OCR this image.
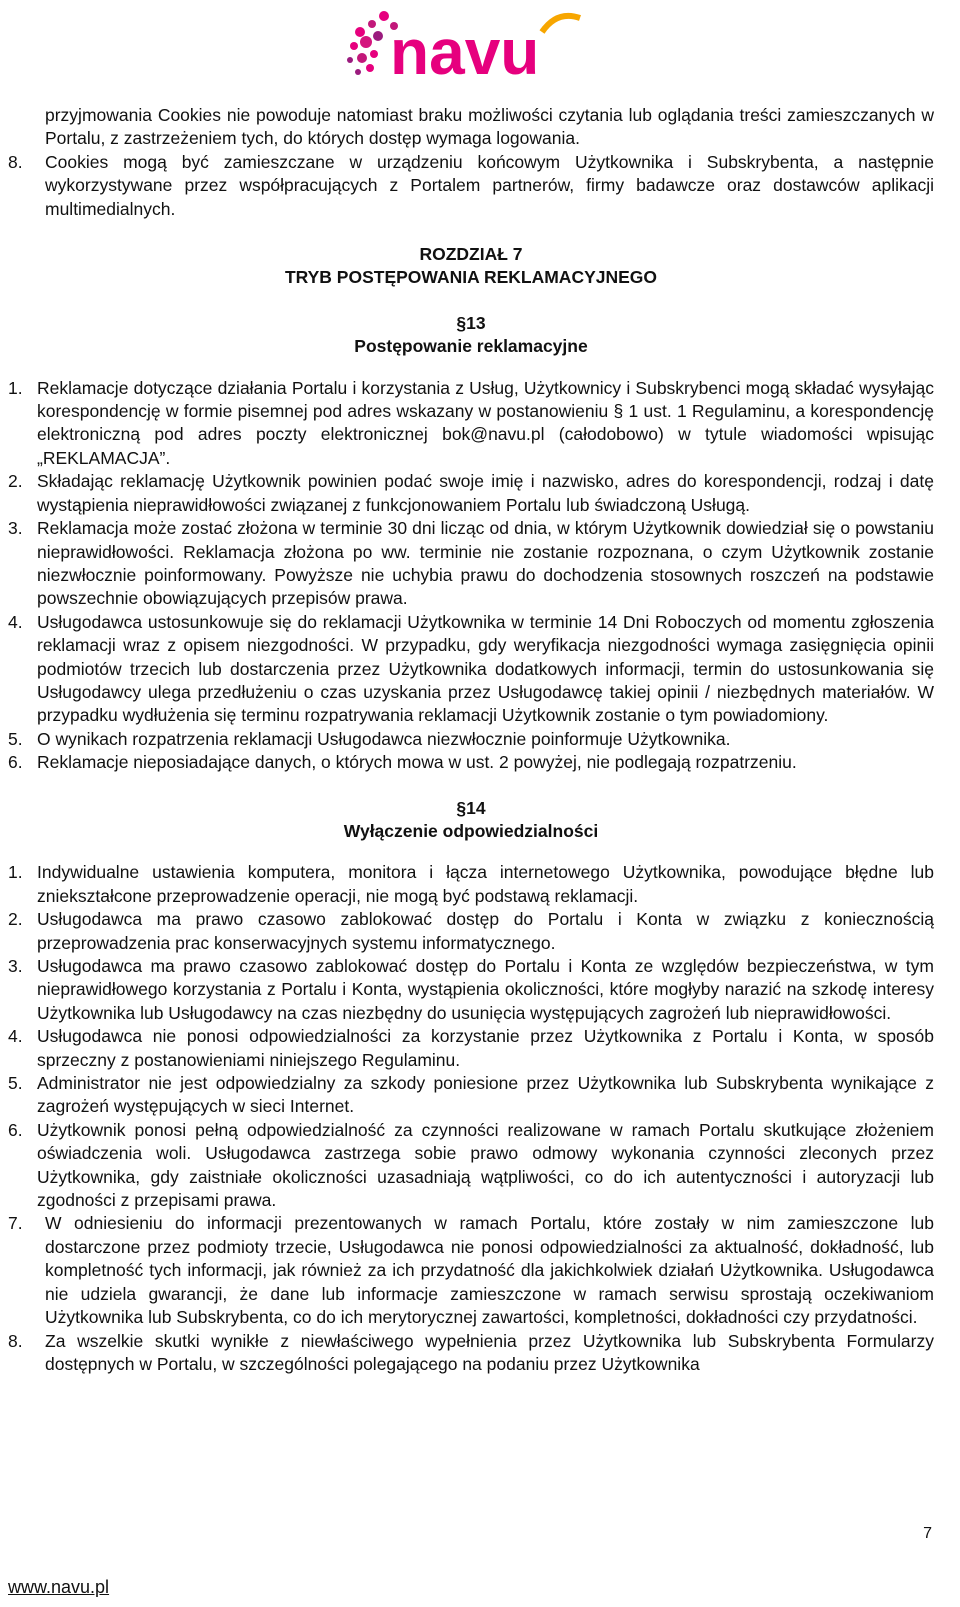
navu

przyjmowania Cookies nie powoduje natomiast braku możliwości czytania lub oglądania treści zamieszczanych w Portalu, z zastrzeżeniem tych, do których dostęp wymaga logowania.

8.	Cookies mogą być zamieszczane w urządzeniu końcowym Użytkownika i Subskrybenta, a następnie wykorzystywane przez współpracujących z Portalem partnerów, firmy badawcze oraz dostawców aplikacji multimedialnych.

ROZDZIAŁ 7

TRYB POSTĘPOWANIA REKLAMACYJNEGO

§13

Postępowanie reklamacyjne

1. Reklamacje dotyczące działania Portalu i korzystania z Usług, Użytkownicy i Subskrybenci mogą składać wysyłając korespondencję w formie pisemnej pod adres wskazany w postanowieniu § 1 ust. 1 Regulaminu, a korespondencję elektroniczną pod adres poczty elektronicznej bok@navu.pl (całodobowo) w tytule wiadomości wpisując „REKLAMACJA”.
2. Składając reklamację Użytkownik powinien podać swoje imię i nazwisko, adres do korespondencji, rodzaj i datę wystąpienia nieprawidłowości związanej z funkcjonowaniem Portalu lub świadczoną Usługą.
3. Reklamacja może zostać złożona w terminie 30 dni licząc od dnia, w którym Użytkownik dowiedział się o powstaniu nieprawidłowości. Reklamacja złożona po ww. terminie nie zostanie rozpoznana, o czym Użytkownik zostanie niezwłocznie poinformowany. Powyższe nie uchybia prawu do dochodzenia stosownych roszczeń na podstawie powszechnie obowiązujących przepisów prawa.
4. Usługodawca ustosunkowuje się do reklamacji Użytkownika w terminie 14 Dni Roboczych od momentu zgłoszenia reklamacji wraz z opisem niezgodności. W przypadku, gdy weryfikacja niezgodności wymaga zasięgnięcia opinii podmiotów trzecich lub dostarczenia przez Użytkownika dodatkowych informacji, termin do ustosunkowania się Usługodawcy ulega przedłużeniu o czas uzyskania przez Usługodawcę takiej opinii / niezbędnych materiałów. W przypadku wydłużenia się terminu rozpatrywania reklamacji Użytkownik zostanie o tym powiadomiony.
5. O wynikach rozpatrzenia reklamacji Usługodawca niezwłocznie poinformuje Użytkownika.
6. Reklamacje nieposiadające danych, o których mowa w ust. 2 powyżej, nie podlegają rozpatrzeniu.

§14

Wyłączenie odpowiedzialności

1. Indywidualne ustawienia komputera, monitora i łącza internetowego Użytkownika, powodujące błędne lub zniekształcone przeprowadzenie operacji, nie mogą być podstawą reklamacji.
2. Usługodawca ma prawo czasowo zablokować dostęp do Portalu i Konta w związku z koniecznością przeprowadzenia prac konserwacyjnych systemu informatycznego.
3. Usługodawca ma prawo czasowo zablokować dostęp do Portalu i Konta ze względów bezpieczeństwa, w tym nieprawidłowego korzystania z Portalu i Konta, wystąpienia okoliczności, które mogłyby narazić na szkodę interesy Użytkownika lub Usługodawcy na czas niezbędny do usunięcia występujących zagrożeń lub nieprawidłowości.
4. Usługodawca nie ponosi odpowiedzialności za korzystanie przez Użytkownika z Portalu i Konta, w sposób sprzeczny z postanowieniami niniejszego Regulaminu.
5. Administrator nie jest odpowiedzialny za szkody poniesione przez Użytkownika lub Subskrybenta wynikające z zagrożeń występujących w sieci Internet.
6. Użytkownik ponosi pełną odpowiedzialność za czynności realizowane w ramach Portalu skutkujące złożeniem oświadczenia woli. Usługodawca zastrzega sobie prawo odmowy wykonania czynności zleconych przez Użytkownika, gdy zaistniałe okoliczności uzasadniają wątpliwości, co do ich autentyczności i autoryzacji lub zgodności z przepisami prawa.
7.	W odniesieniu do informacji prezentowanych w ramach Portalu, które zostały w nim zamieszczone lub dostarczone przez podmioty trzecie, Usługodawca nie ponosi odpowiedzialności za aktualność, dokładność, lub kompletność tych informacji, jak również za ich przydatność dla jakichkolwiek działań Użytkownika. Usługodawca nie udziela gwarancji, że dane lub informacje zamieszczone w ramach serwisu sprostają oczekiwaniom Użytkownika lub Subskrybenta, co do ich merytorycznej zawartości, kompletności, dokładności czy przydatności.
8.	Za wszelkie skutki wynikłe z niewłaściwego wypełnienia przez Użytkownika lub Subskrybenta Formularzy dostępnych w Portalu, w szczególności polegającego na podaniu przez Użytkownika
7
www.navu.pl
